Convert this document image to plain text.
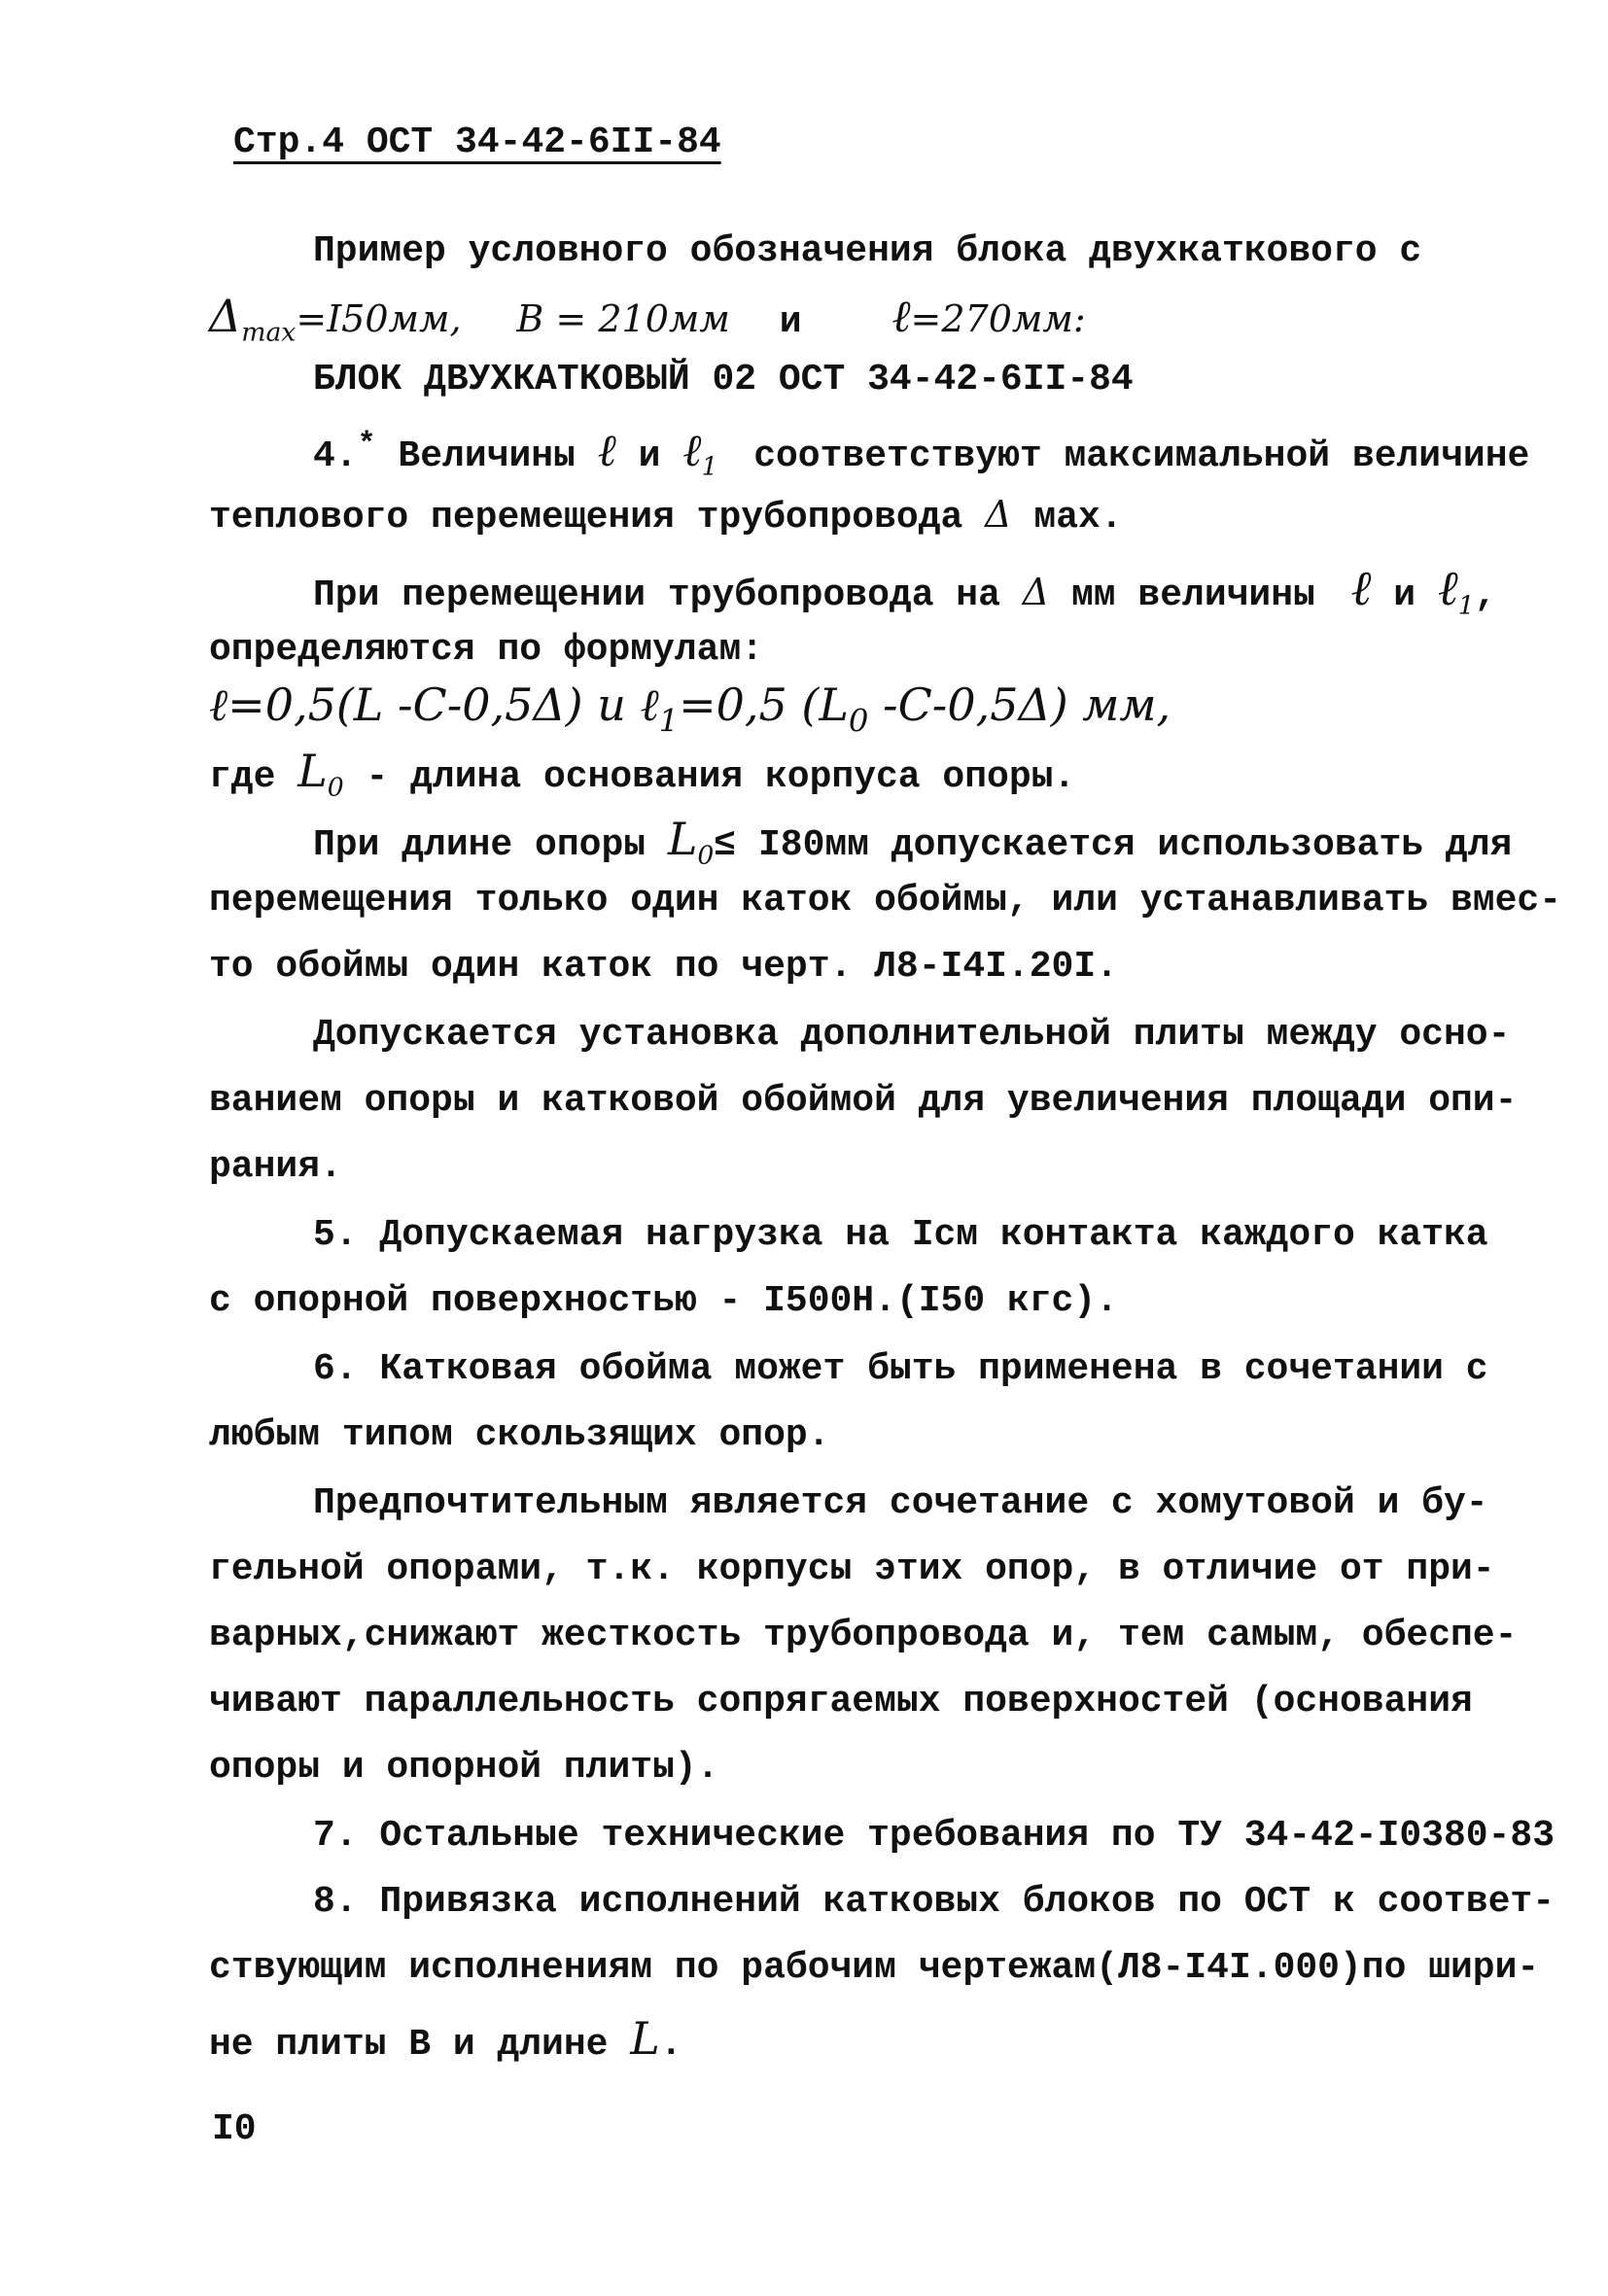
Стр.4 ОСТ 34-42-6II-84
Пример условного обозначения блока двухкаткового с
$\Delta_{max}=I50мм$, B = 210мм и ℓ=270мм:
БЛОК ДВУХКАТКОВЫЙ 02 ОСТ 34-42-6II-84
4.* Величины ℓ и ℓ$_1$ соответствуют максимальной величине
теплового перемещения трубопровода Δ мах.
При перемещении трубопровода на Δ мм величины ℓ и ℓ$_1$,
определяются по формулам:
ℓ=0,5(L -C-0,5Δ) и ℓ$_1$=0,5 ($L_0$ -C-0,5Δ) мм,
где $L_0$ - длина основания корпуса опоры.
При длине опоры $L_0\le I80мм$ допускается использовать для
перемещения только один каток обоймы, или устанавливать вмес-
то обоймы один каток по черт. Л8-I4I.20I.
Допускается установка дополнительной плиты между осно-
ванием опоры и катковой обоймой для увеличения площади опи-
рания.
5. Допускаемая нагрузка на Iсм контакта каждого катка
с опорной поверхностью - I500Н.(I50 кгс).
6. Катковая обойма может быть применена в сочетании с
любым типом скользящих опор.
Предпочтительным является сочетание с хомутовой и бу-
гельной опорами, т.к. корпусы этих опор, в отличие от при-
варных,снижают жесткость трубопровода и, тем самым, обеспе-
чивают параллельность сопрягаемых поверхностей (основания
опоры и опорной плиты).
7. Остальные технические требования по ТУ 34-42-I0380-83
8. Привязка исполнений катковых блоков по ОСТ к соответ-
ствующим исполнениям по рабочим чертежам(Л8-I4I.000)по шири-
не плиты В и длине L.
I0
